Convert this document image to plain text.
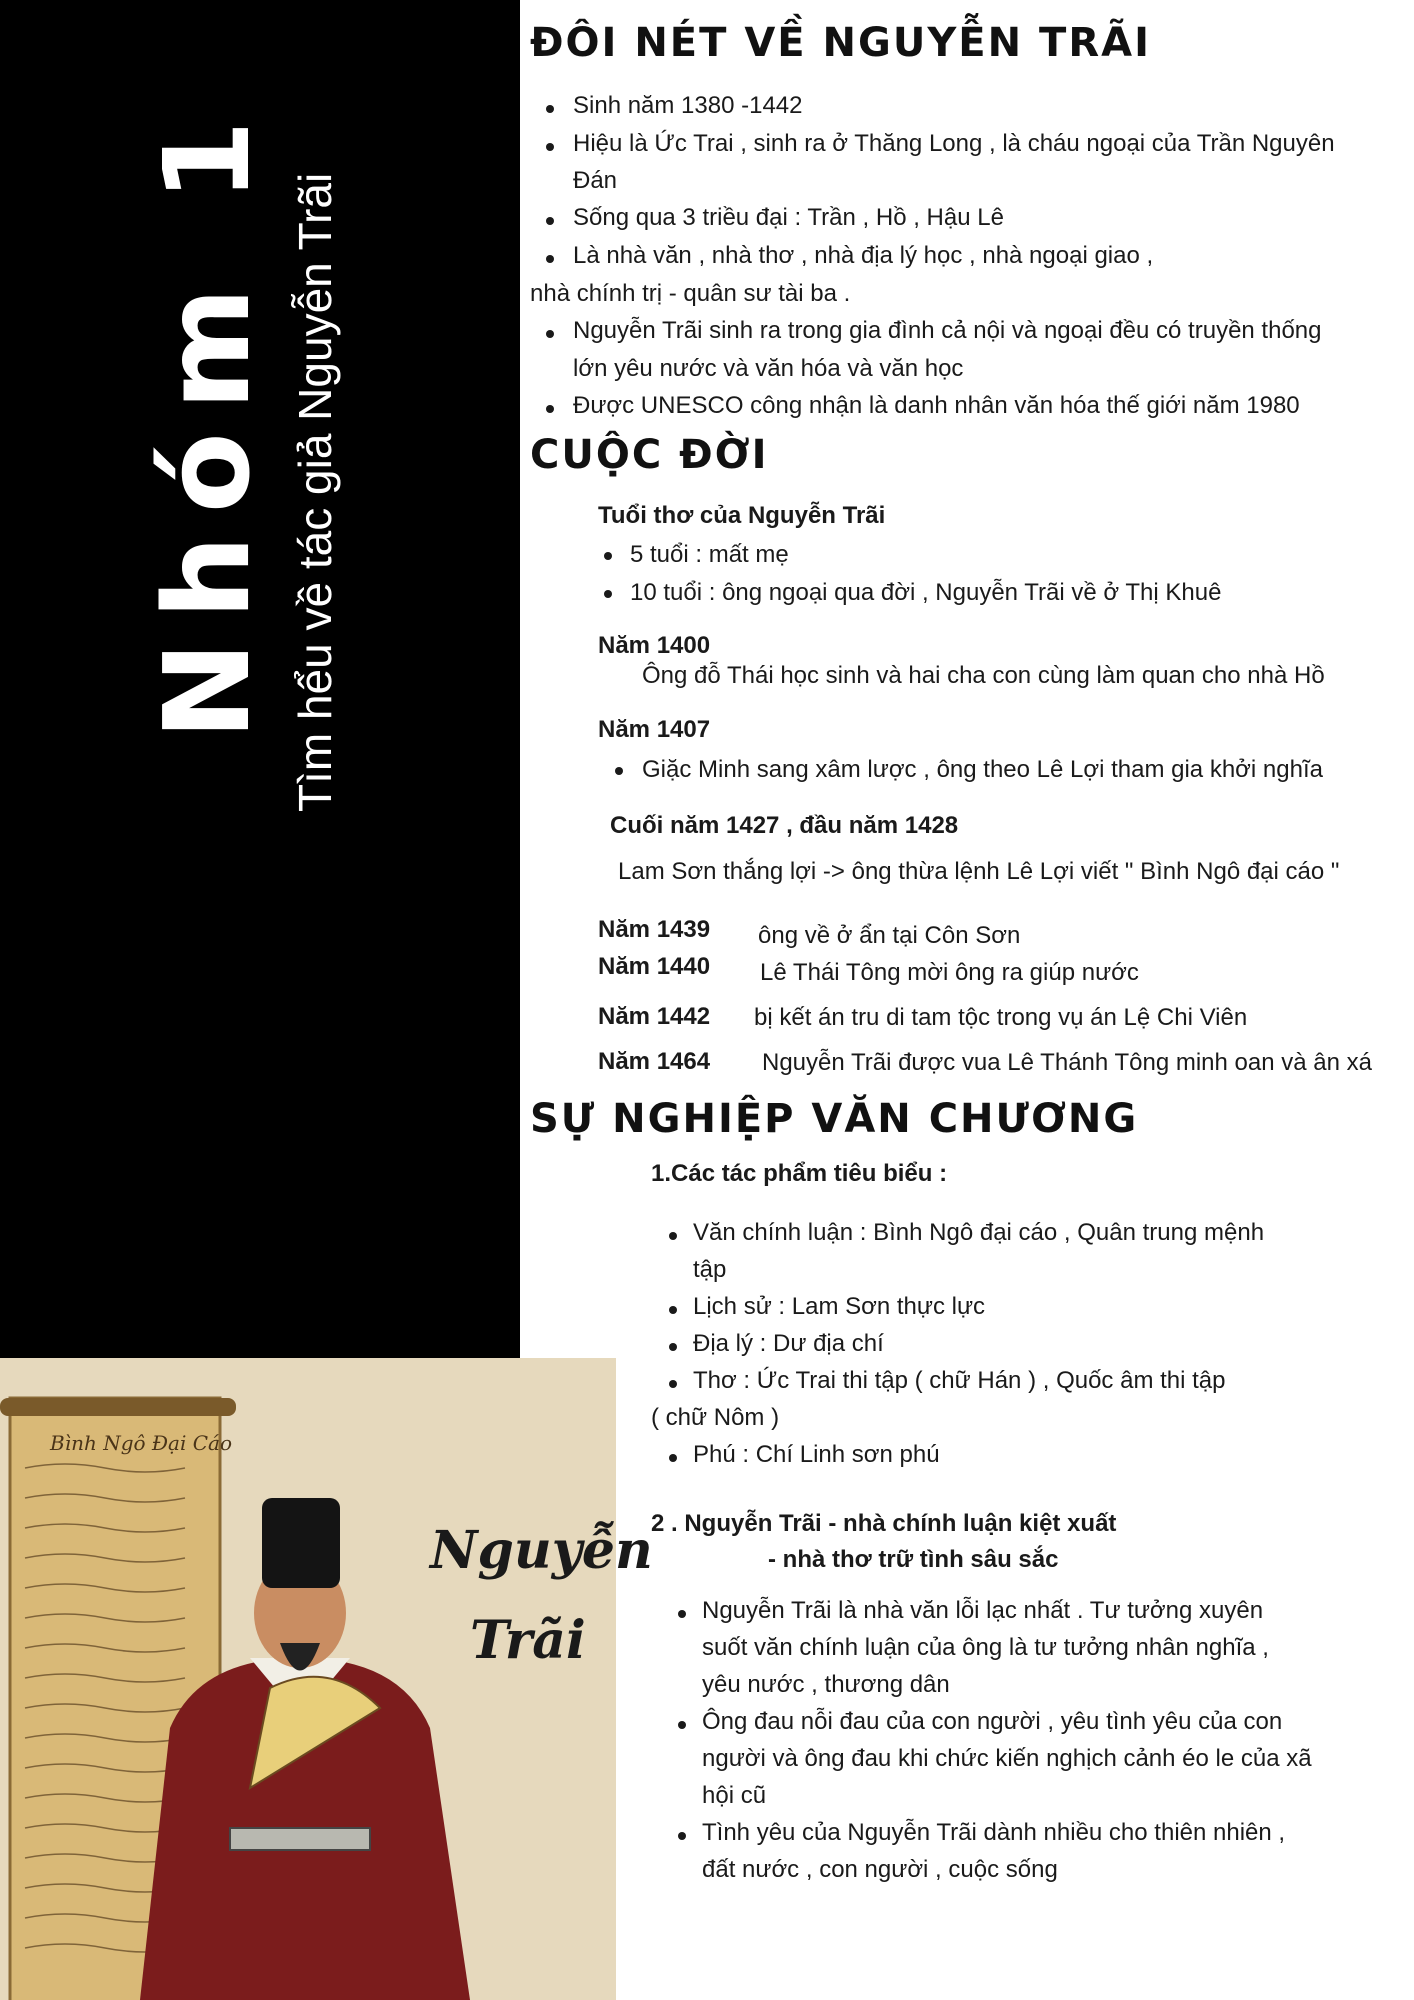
Nhóm 1 Tìm hểu về tác giả Nguyễn Trãi
Bình Ngô Đại Cáo
Nguyễn
Trãi
ĐÔI NÉT VỀ NGUYỄN TRÃI
Sinh năm 1380 -1442
Hiệu là Ức Trai , sinh ra ở Thăng Long , là cháu ngoại của Trần Nguyên
Đán
Sống qua 3 triều đại : Trần , Hồ , Hậu Lê
Là nhà văn , nhà thơ , nhà địa lý học , nhà ngoại giao ,
nhà chính trị - quân sư tài ba .
Nguyễn Trãi sinh ra trong gia đình cả nội và ngoại đều có truyền thống
lớn yêu nước và văn hóa và văn học
Được UNESCO công nhận là danh nhân văn hóa thế giới năm 1980
CUỘC ĐỜI
Tuổi thơ của Nguyễn Trãi
5 tuổi : mất mẹ
10 tuổi : ông ngoại qua đời , Nguyễn Trãi về ở Thị Khuê
Năm 1400
Ông đỗ Thái học sinh và hai cha con cùng làm quan cho nhà Hồ
Năm 1407
Giặc Minh sang xâm lược , ông theo Lê Lợi tham gia khởi nghĩa
Cuối năm 1427 , đầu năm 1428
Lam Sơn thắng lợi -> ông thừa lệnh Lê Lợi viết " Bình Ngô đại cáo "
Năm 1439 ông về ở ẩn tại Côn Sơn
Năm 1440 Lê Thái Tông mời ông ra giúp nước
Năm 1442 bị kết án tru di tam tộc trong vụ án Lệ Chi Viên
Năm 1464 Nguyễn Trãi được vua Lê Thánh Tông minh oan và ân xá
SỰ NGHIỆP VĂN CHƯƠNG
1.Các tác phẩm tiêu biểu :
Văn chính luận : Bình Ngô đại cáo , Quân trung mệnh
tập
Lịch sử : Lam Sơn thực lực
Địa lý : Dư địa chí
Thơ : Ức Trai thi tập ( chữ Hán ) , Quốc âm thi tập
( chữ Nôm )
Phú : Chí Linh sơn phú
2 . Nguyễn Trãi - nhà chính luận kiệt xuất
- nhà thơ trữ tình sâu sắc
Nguyễn Trãi là nhà văn lỗi lạc nhất . Tư tưởng xuyên
suốt văn chính luận của ông là tư tưởng nhân nghĩa ,
yêu nước , thương dân
Ông đau nỗi đau của con người , yêu tình yêu của con
người và ông đau khi chức kiến nghịch cảnh éo le của xã
hội cũ
Tình yêu của Nguyễn Trãi dành nhiều cho thiên nhiên ,
đất nước , con người , cuộc sống
